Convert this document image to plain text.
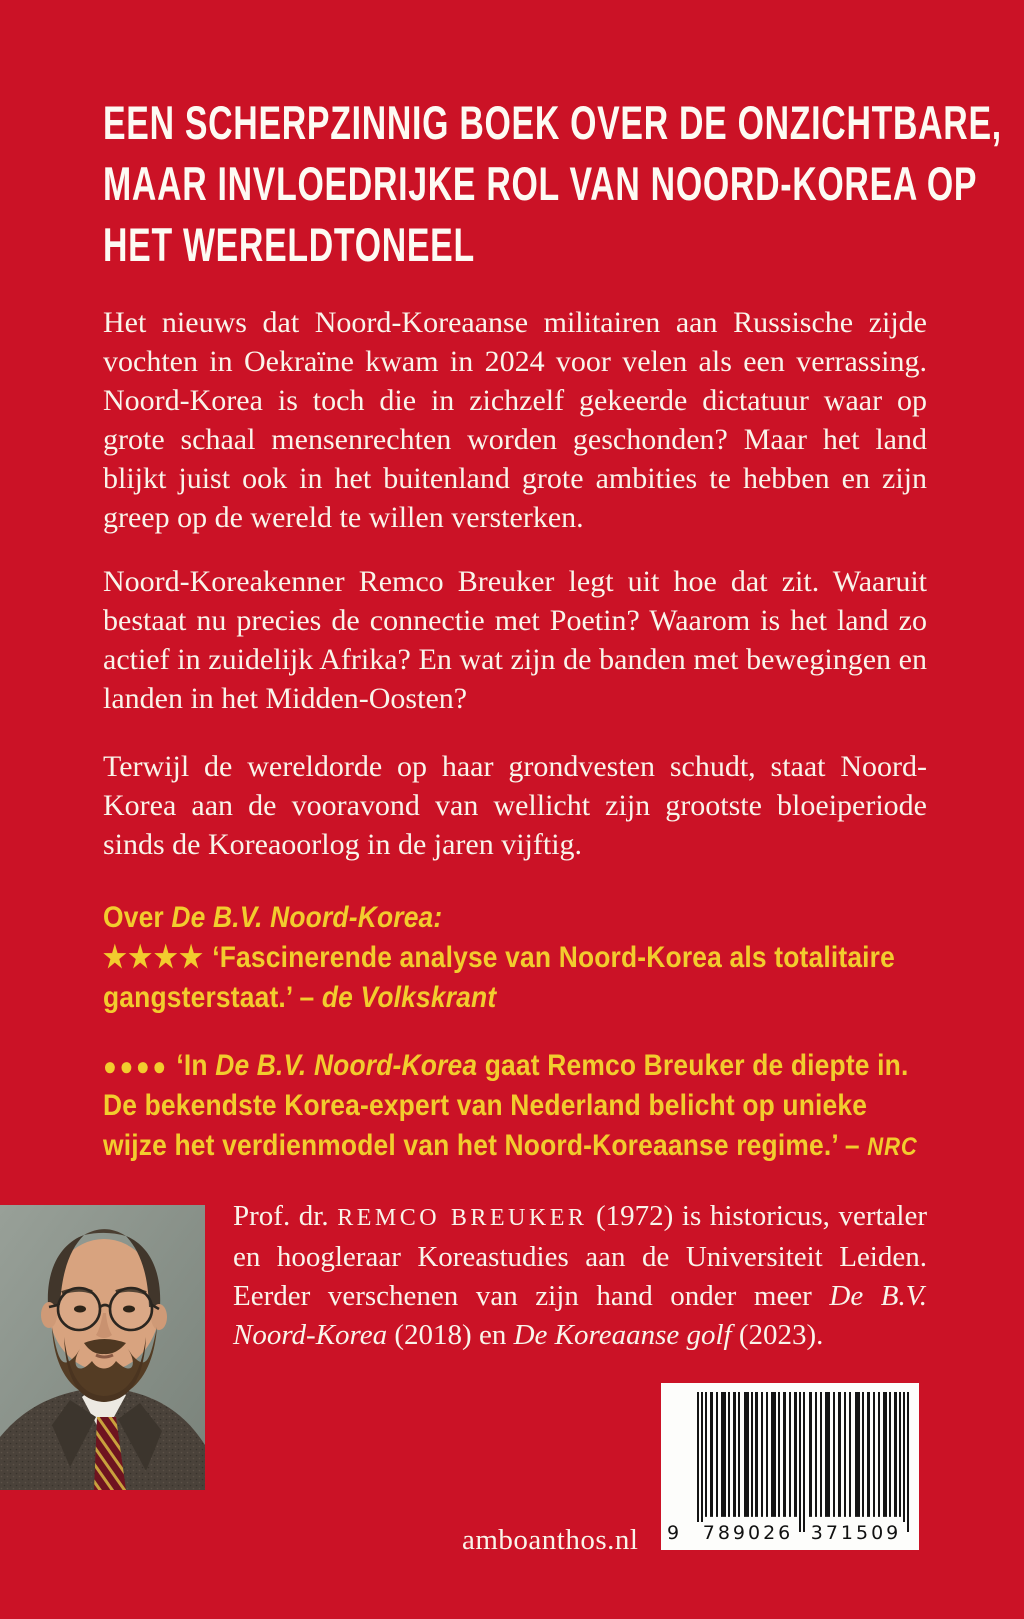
EEN SCHERPZINNIG BOEK OVER DE ONZICHTBARE,
MAAR INVLOEDRIJKE ROL VAN NOORD-KOREA OP
HET WERELDTONEEL
Het nieuws dat Noord-Koreaanse militairen aan Russische zijde vochten in Oekraïne kwam in 2024 voor velen als een verrassing. Noord-Korea is toch die in zichzelf gekeerde dictatuur waar op grote schaal mensenrechten worden geschonden? Maar het land blijkt juist ook in het buitenland grote ambities te hebben en zijn greep op de wereld te willen versterken.
Noord-Koreakenner Remco Breuker legt uit hoe dat zit. Waaruit bestaat nu precies de connectie met Poetin? Waarom is het land zo actief in zuidelijk Afrika? En wat zijn de banden met bewegingen en landen in het Midden-Oosten?
Terwijl de wereldorde op haar grondvesten schudt, staat Noord-Korea aan de vooravond van wellicht zijn grootste bloeiperiode sinds de Koreaoorlog in de jaren vijftig.
Over De B.V. Noord-Korea:
★★★★ ‘Fascinerende analyse van Noord-Korea als totalitaire gangsterstaat.’ – de Volkskrant
●●●● ‘In De B.V. Noord-Korea gaat Remco Breuker de diepte in. De bekendste Korea-expert van Nederland belicht op unieke wijze het verdienmodel van het Noord-Koreaanse regime.’ – NRC
Prof. dr. REMCO BREUKER (1972) is historicus, vertaler en hoogleraar Koreastudies aan de Universiteit Leiden. Eerder verschenen van zijn hand onder meer De B.V. Noord-Korea (2018) en De Koreaanse golf (2023).
amboanthos.nl 9	789026 371509
